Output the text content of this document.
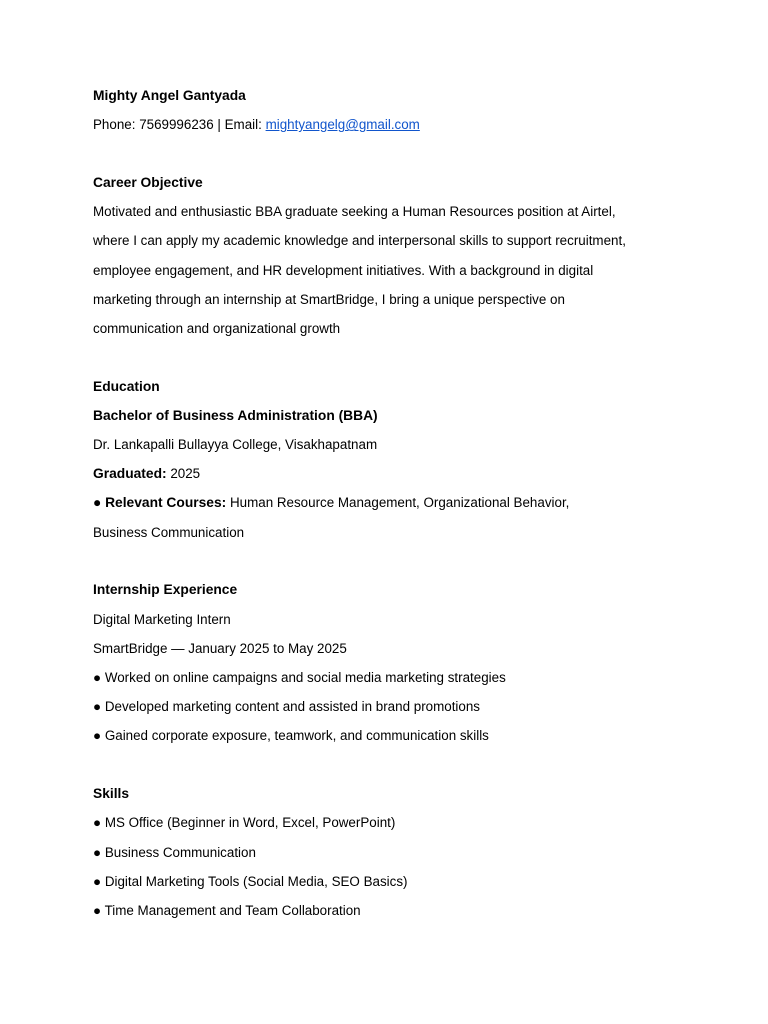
Mighty Angel Gantyada
Phone: 7569996236 | Email: mightyangelg@gmail.com
Career Objective
Motivated and enthusiastic BBA graduate seeking a Human Resources position at Airtel,
where I can apply my academic knowledge and interpersonal skills to support recruitment,
employee engagement, and HR development initiatives. With a background in digital
marketing through an internship at SmartBridge, I bring a unique perspective on
communication and organizational growth
Education
Bachelor of Business Administration (BBA)
Dr. Lankapalli Bullayya College, Visakhapatnam
Graduated: 2025
● Relevant Courses: Human Resource Management, Organizational Behavior,
Business Communication
Internship Experience
Digital Marketing Intern
SmartBridge — January 2025 to May 2025
● Worked on online campaigns and social media marketing strategies
● Developed marketing content and assisted in brand promotions
● Gained corporate exposure, teamwork, and communication skills
Skills
● MS Office (Beginner in Word, Excel, PowerPoint)
● Business Communication
● Digital Marketing Tools (Social Media, SEO Basics)
● Time Management and Team Collaboration
